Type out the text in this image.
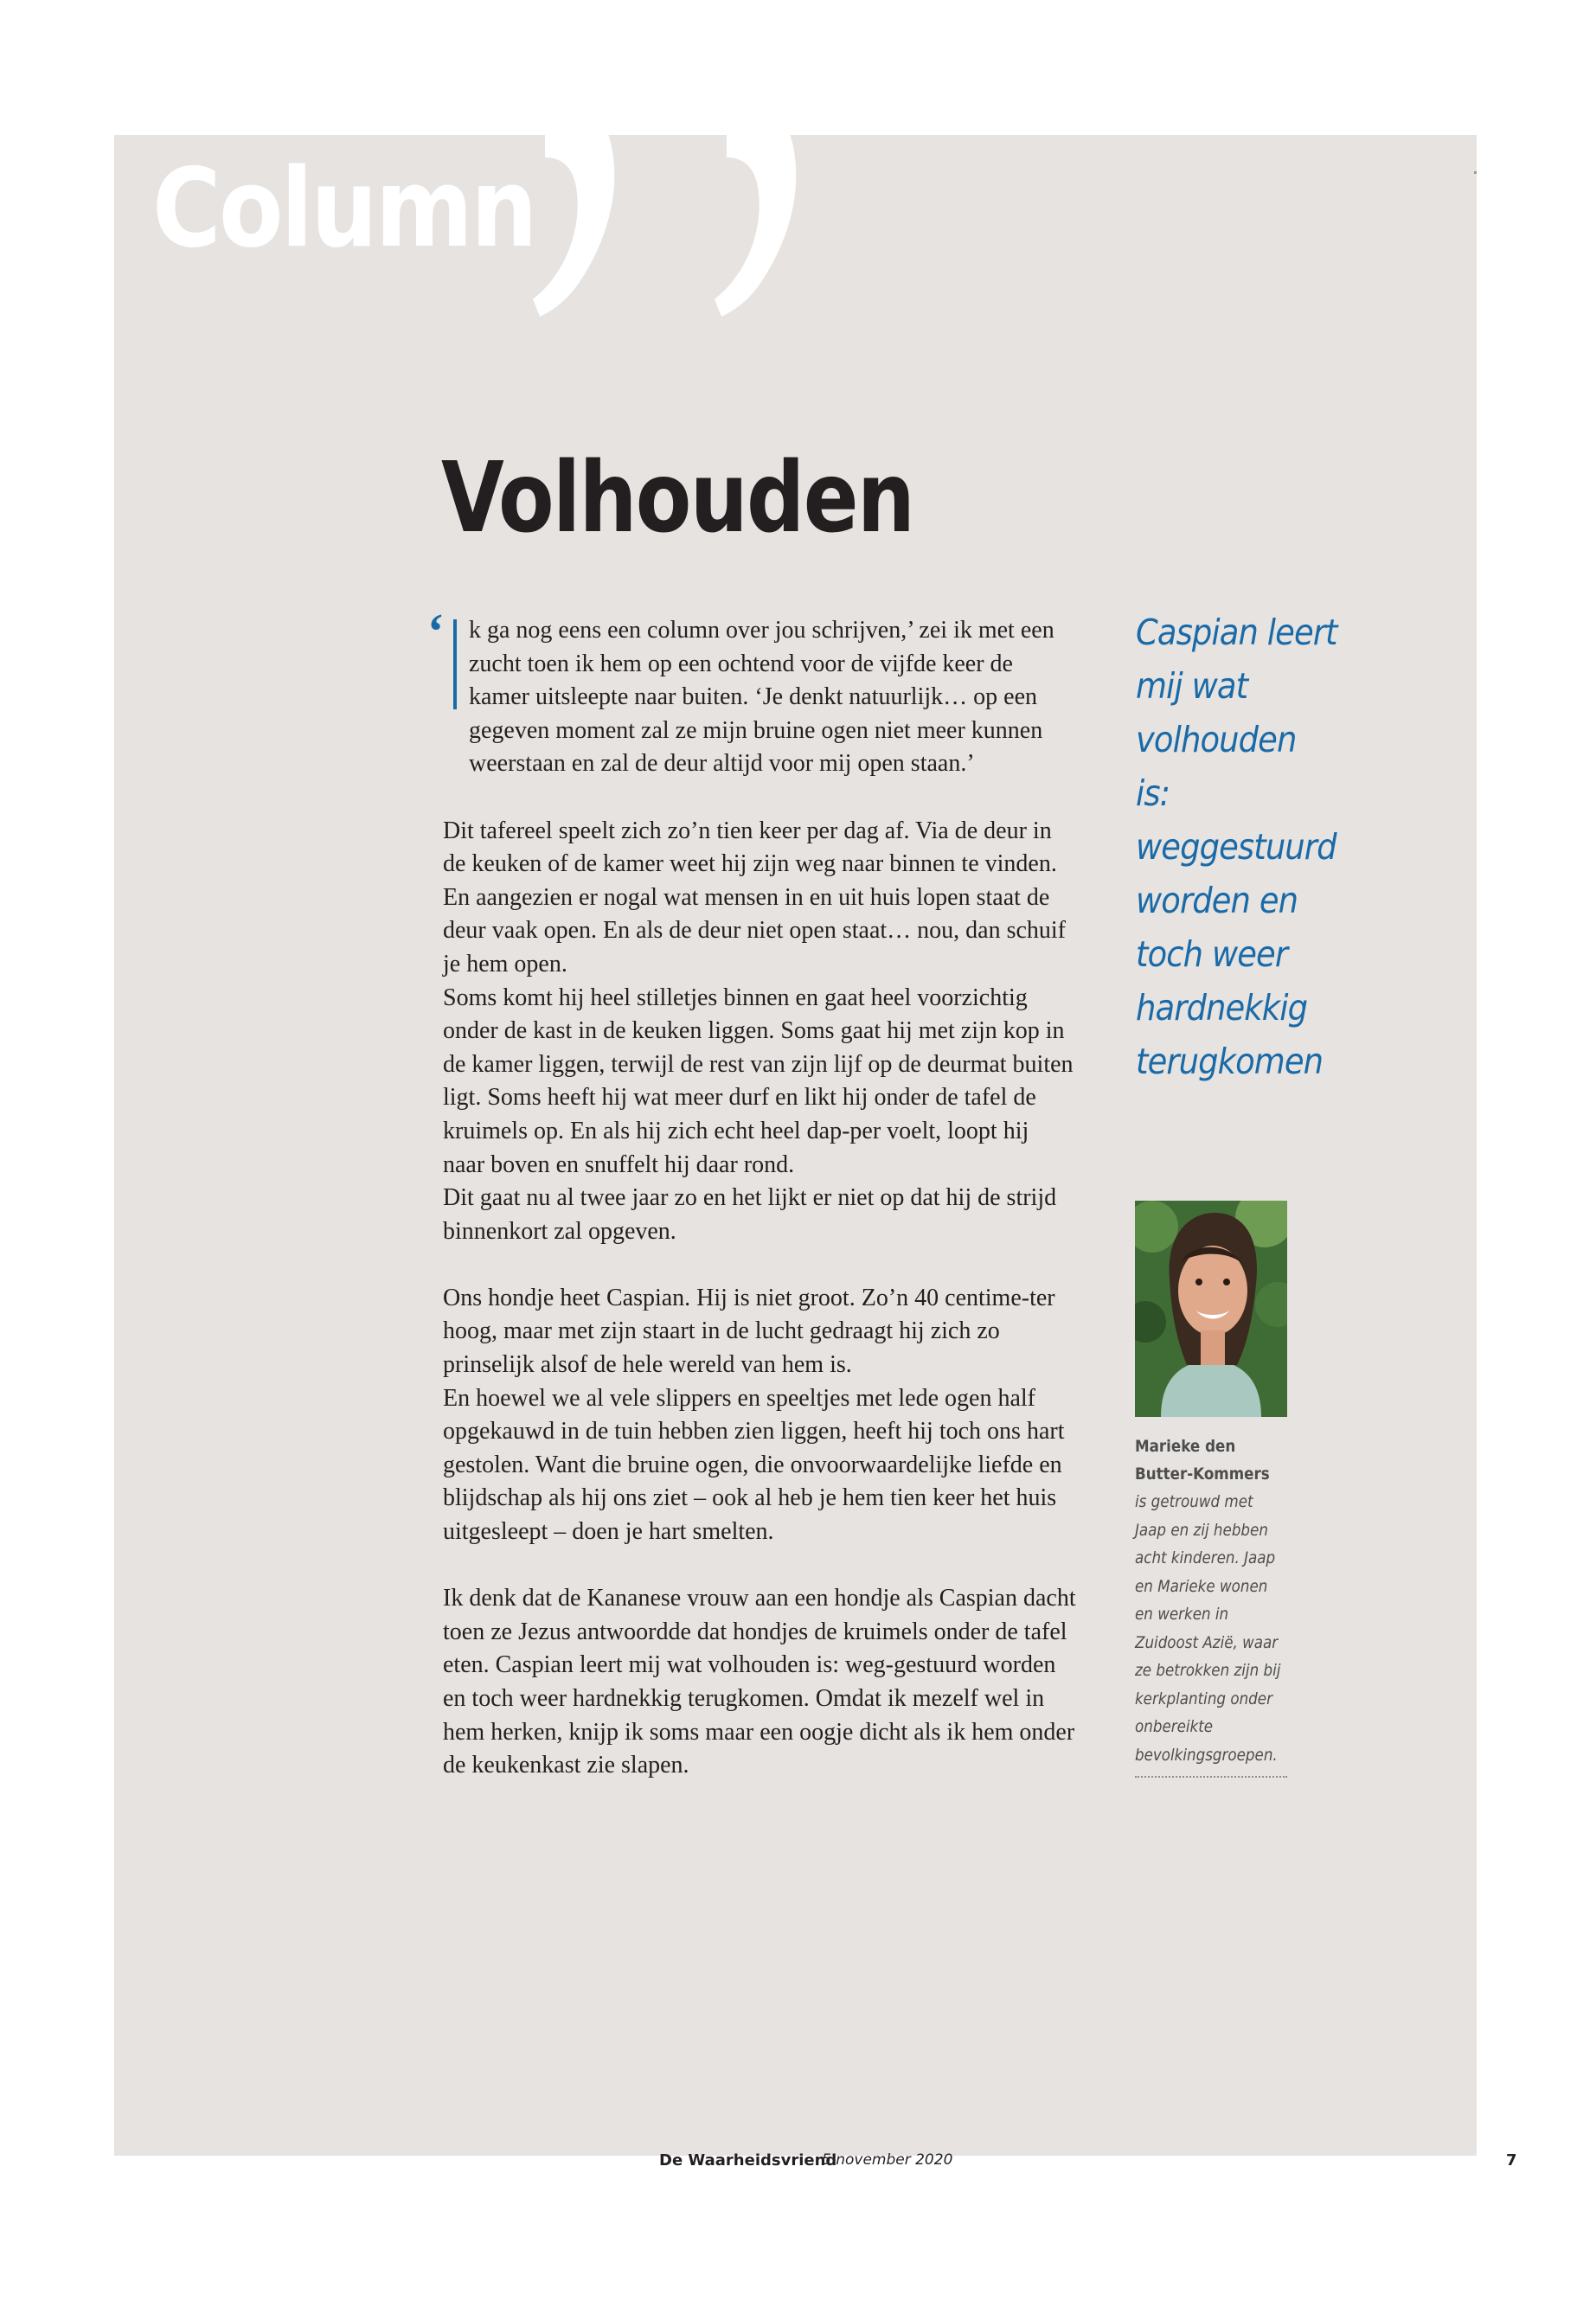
Column
Volhouden

‘ k ga nog eens een column over jou schrijven,’ zei ik met een zucht toen ik hem op een ochtend voor de vijfde keer de kamer uitsleepte naar buiten. ‘Je denkt natuurlijk… op een gegeven moment zal ze mijn bruine ogen niet meer kunnen weerstaan en zal de deur altijd voor mij open staan.’

Dit tafereel speelt zich zo’n tien keer per dag af. Via de deur in de keuken of de kamer weet hij zijn weg naar binnen te vinden. En aangezien er nogal wat mensen in en uit huis lopen staat de deur vaak open. En als de deur niet open staat… nou, dan schuif je hem open.

Soms komt hij heel stilletjes binnen en gaat heel voorzichtig onder de kast in de keuken liggen. Soms gaat hij met zijn kop in de kamer liggen, terwijl de rest van zijn lijf op de deurmat buiten ligt. Soms heeft hij wat meer durf en likt hij onder de tafel de kruimels op. En als hij zich echt heel dap-per voelt, loopt hij naar boven en snuffelt hij daar rond.

Dit gaat nu al twee jaar zo en het lijkt er niet op dat hij de strijd binnenkort zal opgeven.

Ons hondje heet Caspian. Hij is niet groot. Zo’n 40 centime-ter hoog, maar met zijn staart in de lucht gedraagt hij zich zo prinselijk alsof de hele wereld van hem is.

En hoewel we al vele slippers en speeltjes met lede ogen half opgekauwd in de tuin hebben zien liggen, heeft hij toch ons hart gestolen. Want die bruine ogen, die onvoorwaardelijke liefde en blijdschap als hij ons ziet – ook al heb je hem tien keer het huis uitgesleept – doen je hart smelten.

Ik denk dat de Kananese vrouw aan een hondje als Caspian dacht toen ze Jezus antwoordde dat hondjes de kruimels onder de tafel eten. Caspian leert mij wat volhouden is: weg-gestuurd worden en toch weer hardnekkig terugkomen. Omdat ik mezelf wel in hem herken, knijp ik soms maar een oogje dicht als ik hem onder de keukenkast zie slapen.

Caspian leert mij wat volhouden is: weggestuurd worden en toch weer hardnekkig terugkomen
Marieke den Butter-Kommers
is getrouwd met Jaap en zij hebben acht kinderen. Jaap en Marieke wonen en werken in Zuidoost Azië, waar ze betrokken zijn bij kerkplanting onder onbereikte bevolkingsgroepen.
De Waarheidsvriend
5 november 2020	7
